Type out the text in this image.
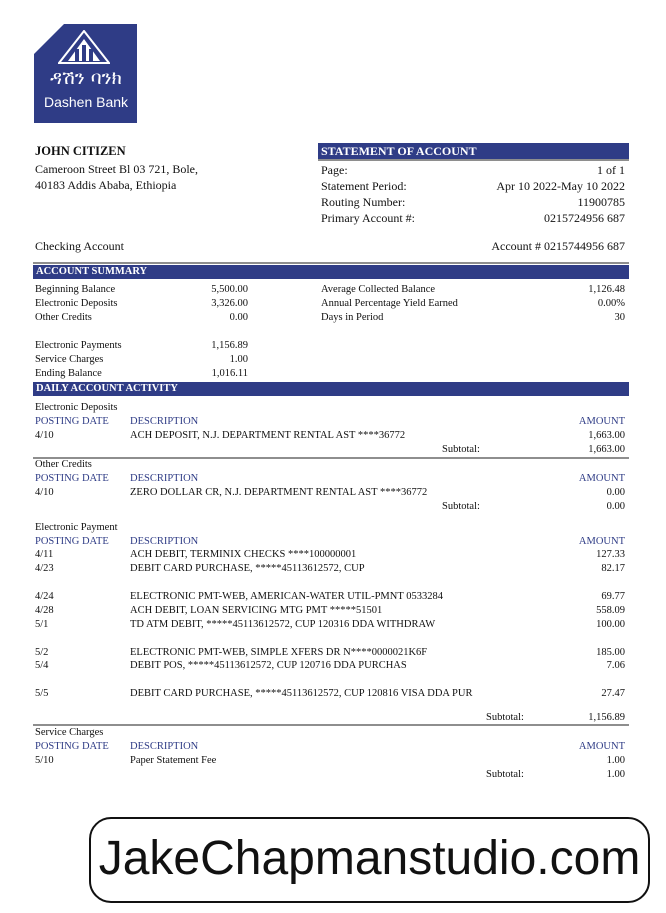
ዳሽን ባንክ
Dashen Bank
JOHN CITIZEN
Cameroon Street Bl 03 721, Bole,
40183 Addis Ababa, Ethiopia
STATEMENT OF ACCOUNT
Page:	1 of 1
Statement Period:	Apr 10 2022-May 10 2022
Routing Number:	11900785
Primary Account #:	0215724956 687
Checking Account	Account # 0215744956 687
ACCOUNT SUMMARY
Beginning Balance	5,500.00
Electronic Deposits	3,326.00
Other Credits	0.00
Electronic Payments	1,156.89
Service Charges	1.00
Ending Balance	1,016.11
Average Collected Balance	1,126.48
Annual Percentage Yield Earned	0.00%
Days in Period	30
DAILY ACCOUNT ACTIVITY
Electronic Deposits
POSTING DATE DESCRIPTION	AMOUNT
4/10	ACH DEPOSIT, N.J. DEPARTMENT RENTAL AST ****36772	1,663.00
Subtotal:	1,663.00
Other Credits
POSTING DATE DESCRIPTION	AMOUNT
4/10	ZERO DOLLAR CR, N.J. DEPARTMENT RENTAL AST ****36772	0.00
Subtotal:	0.00
Electronic Payment
POSTING DATE DESCRIPTION	AMOUNT
4/11	ACH DEBIT, TERMINIX CHECKS ****100000001	127.33
4/23	DEBIT CARD PURCHASE, *****45113612572, CUP	82.17
4/24	ELECTRONIC PMT-WEB, AMERICAN-WATER UTIL-PMNT 0533284	69.77
4/28	ACH DEBIT, LOAN SERVICING MTG PMT *****51501	558.09
5/1	TD ATM DEBIT, *****45113612572, CUP 120316 DDA WITHDRAW	100.00
5/2	ELECTRONIC PMT-WEB, SIMPLE XFERS DR N****0000021K6F	185.00
5/4	DEBIT POS, *****45113612572, CUP 120716 DDA PURCHAS	7.06
5/5	DEBIT CARD PURCHASE, *****45113612572, CUP 120816 VISA DDA PUR	27.47
Subtotal:	1,156.89
Service Charges
POSTING DATE DESCRIPTION	AMOUNT
5/10	Paper Statement Fee	1.00
Subtotal:	1.00
JakeChapmanstudio.com
